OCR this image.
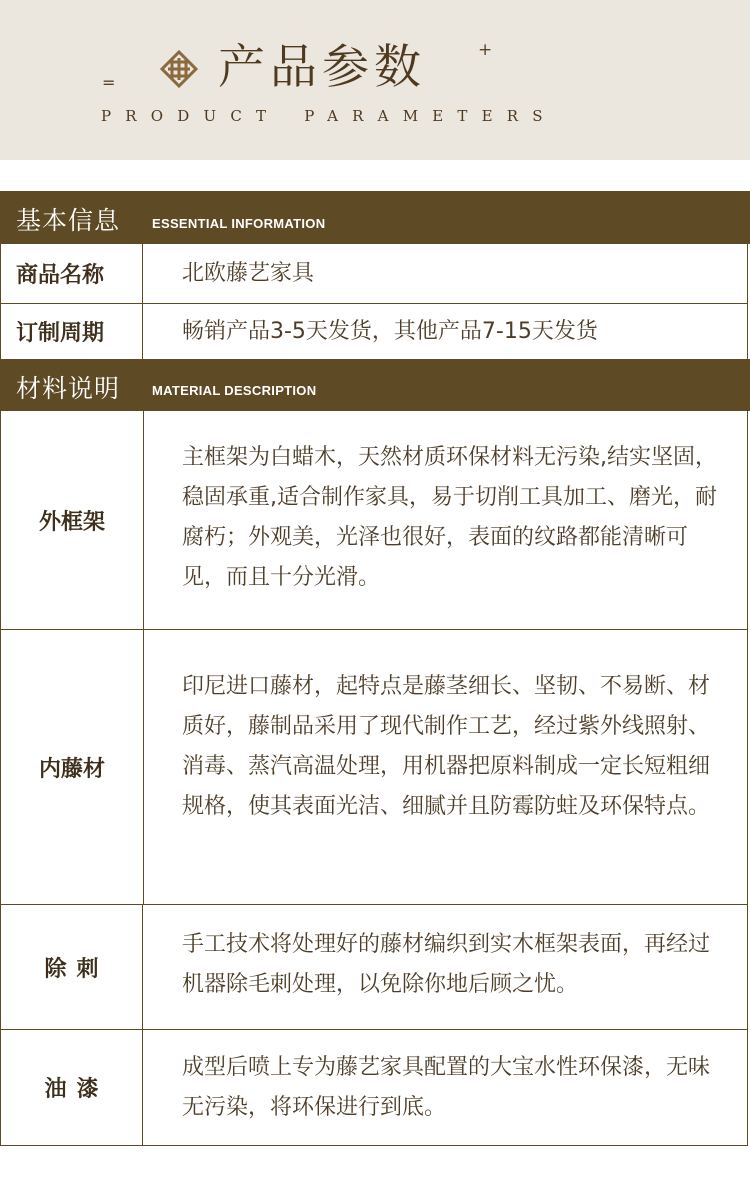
=
+
产品参数
PRODUCT PARAMETERS
基本信息 ESSENTIAL INFORMATION
商品名称	北欧藤艺家具
订制周期	畅销产品3-5天发货，其他产品7-15天发货
材料说明 MATERIAL DESCRIPTION
外框架
主框架为白蜡木，天然材质环保材料无污染,结实坚固，稳固承重,适合制作家具，易于切削工具加工、磨光，耐腐朽；外观美，光泽也很好，表面的纹路都能清晰可见，而且十分光滑。
内藤材
印尼进口藤材，起特点是藤茎细长、坚韧、不易断、材质好，藤制品采用了现代制作工艺，经过紫外线照射、消毒、蒸汽高温处理，用机器把原料制成一定长短粗细规格，使其表面光洁、细腻并且防霉防蛀及环保特点。
除刺
手工技术将处理好的藤材编织到实木框架表面，再经过机器除毛刺处理，以免除你地后顾之忧。
油漆
成型后喷上专为藤艺家具配置的大宝水性环保漆，无味无污染，将环保进行到底。
